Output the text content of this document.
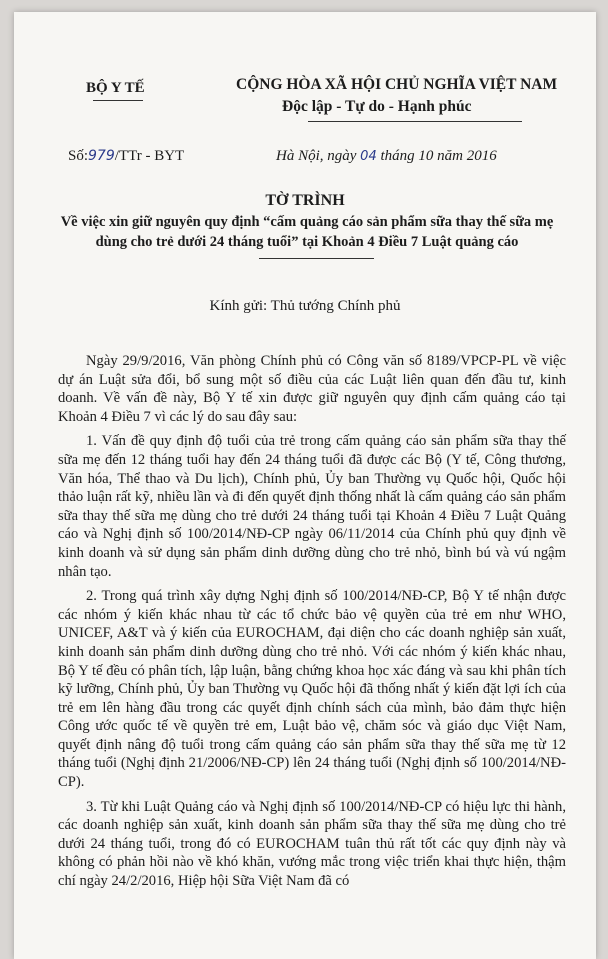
BỘ Y TẾ	CỘNG HÒA XÃ HỘI CHỦ NGHĨA VIỆT NAM
Độc lập - Tự do - Hạnh phúc
Số:979/TTr - BYT	Hà Nội, ngày 04 tháng 10 năm 2016
TỜ TRÌNH
Về việc xin giữ nguyên quy định “cấm quảng cáo sản phẩm sữa thay thế sữa mẹ dùng cho trẻ dưới 24 tháng tuổi” tại Khoản 4 Điều 7 Luật quảng cáo
Kính gửi: Thủ tướng Chính phủ

Ngày 29/9/2016, Văn phòng Chính phủ có Công văn số 8189/VPCP-PL về việc dự án Luật sửa đổi, bổ sung một số điều của các Luật liên quan đến đầu tư, kinh doanh. Về vấn đề này, Bộ Y tế xin được giữ nguyên quy định cấm quảng cáo tại Khoản 4 Điều 7 vì các lý do sau đây sau:

1. Vấn đề quy định độ tuổi của trẻ trong cấm quảng cáo sản phẩm sữa thay thế sữa mẹ đến 12 tháng tuổi hay đến 24 tháng tuổi đã được các Bộ (Y tế, Công thương, Văn hóa, Thể thao và Du lịch), Chính phủ, Ủy ban Thường vụ Quốc hội, Quốc hội thảo luận rất kỹ, nhiều lần và đi đến quyết định thống nhất là cấm quảng cáo sản phẩm sữa thay thế sữa mẹ dùng cho trẻ dưới 24 tháng tuổi tại Khoản 4 Điều 7 Luật Quảng cáo và Nghị định số 100/2014/NĐ-CP ngày 06/11/2014 của Chính phủ quy định về kinh doanh và sử dụng sản phẩm dinh dưỡng dùng cho trẻ nhỏ, bình bú và vú ngậm nhân tạo.

2. Trong quá trình xây dựng Nghị định số 100/2014/NĐ-CP, Bộ Y tế nhận được các nhóm ý kiến khác nhau từ các tổ chức bảo vệ quyền của trẻ em như WHO, UNICEF, A&T và ý kiến của EUROCHAM, đại diện cho các doanh nghiệp sản xuất, kinh doanh sản phẩm dinh dưỡng dùng cho trẻ nhỏ. Với các nhóm ý kiến khác nhau, Bộ Y tế đều có phân tích, lập luận, bằng chứng khoa học xác đáng và sau khi phân tích kỹ lưỡng, Chính phủ, Ủy ban Thường vụ Quốc hội đã thống nhất ý kiến đặt lợi ích của trẻ em lên hàng đầu trong các quyết định chính sách của mình, bảo đảm thực hiện Công ước quốc tế về quyền trẻ em, Luật bảo vệ, chăm sóc và giáo dục Việt Nam, quyết định nâng độ tuổi trong cấm quảng cáo sản phẩm sữa thay thế sữa mẹ từ 12 tháng tuổi (Nghị định 21/2006/NĐ-CP) lên 24 tháng tuổi (Nghị định số 100/2014/NĐ-CP).

3. Từ khi Luật Quảng cáo và Nghị định số 100/2014/NĐ-CP có hiệu lực thi hành, các doanh nghiệp sản xuất, kinh doanh sản phẩm sữa thay thế sữa mẹ dùng cho trẻ dưới 24 tháng tuổi, trong đó có EUROCHAM tuân thủ rất tốt các quy định này và không có phản hồi nào về khó khăn, vướng mắc trong việc triển khai thực hiện, thậm chí ngày 24/2/2016, Hiệp hội Sữa Việt Nam đã có
